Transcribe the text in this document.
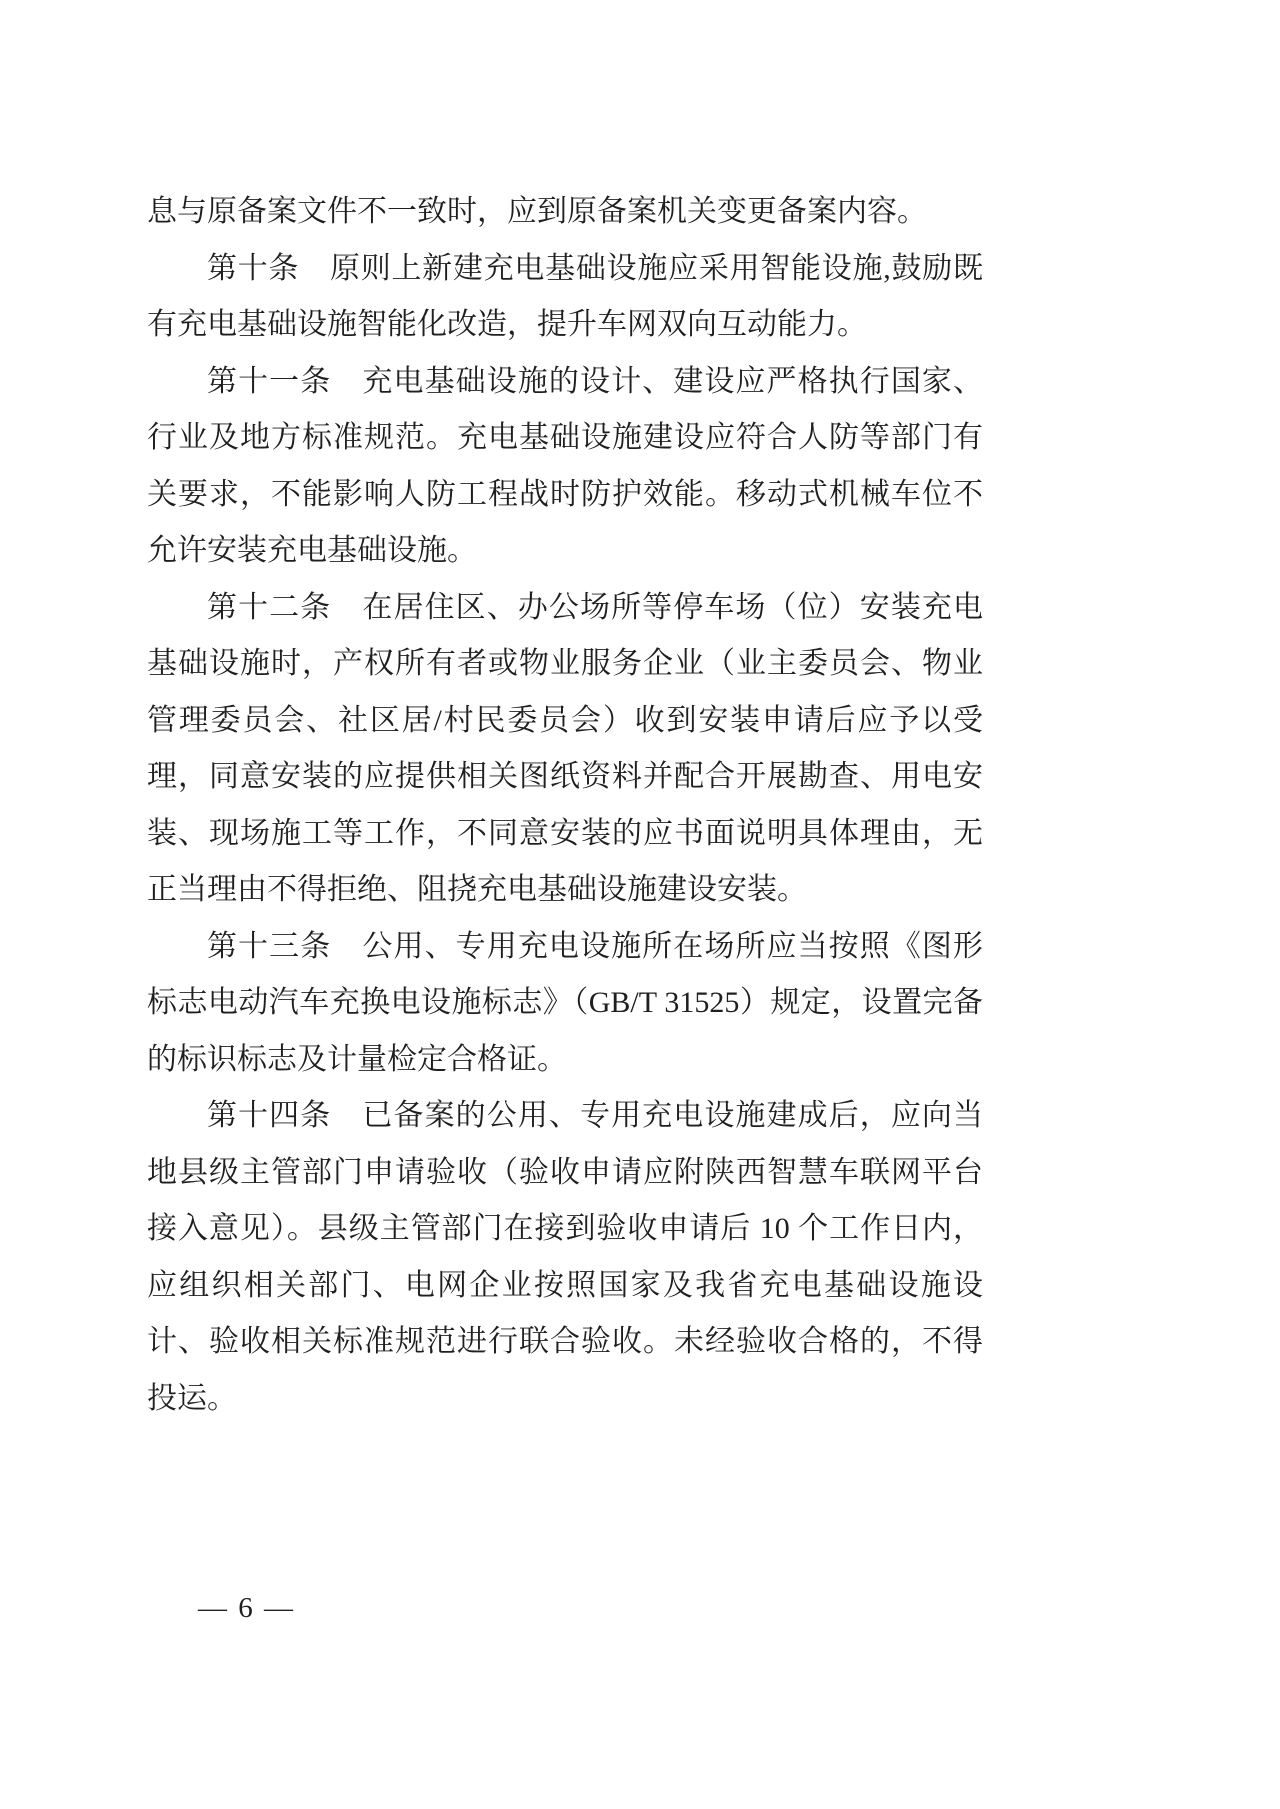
息与原备案文件不一致时，应到原备案机关变更备案内容。

第十条　原则上新建充电基础设施应采用智能设施,鼓励既有充电基础设施智能化改造，提升车网双向互动能力。

第十一条　充电基础设施的设计、建设应严格执行国家、行业及地方标准规范。充电基础设施建设应符合人防等部门有关要求，不能影响人防工程战时防护效能。移动式机械车位不允许安装充电基础设施。

第十二条　在居住区、办公场所等停车场（位）安装充电基础设施时，产权所有者或物业服务企业（业主委员会、物业管理委员会、社区居/村民委员会）收到安装申请后应予以受理，同意安装的应提供相关图纸资料并配合开展勘查、用电安装、现场施工等工作，不同意安装的应书面说明具体理由，无正当理由不得拒绝、阻挠充电基础设施建设安装。

第十三条　公用、专用充电设施所在场所应当按照《图形标志电动汽车充换电设施标志》（GB/T 31525）规定，设置完备的标识标志及计量检定合格证。

第十四条　已备案的公用、专用充电设施建成后，应向当地县级主管部门申请验收（验收申请应附陕西智慧车联网平台接入意见）。县级主管部门在接到验收申请后 10 个工作日内，应组织相关部门、电网企业按照国家及我省充电基础设施设计、验收相关标准规范进行联合验收。未经验收合格的，不得投运。

— 6 —
